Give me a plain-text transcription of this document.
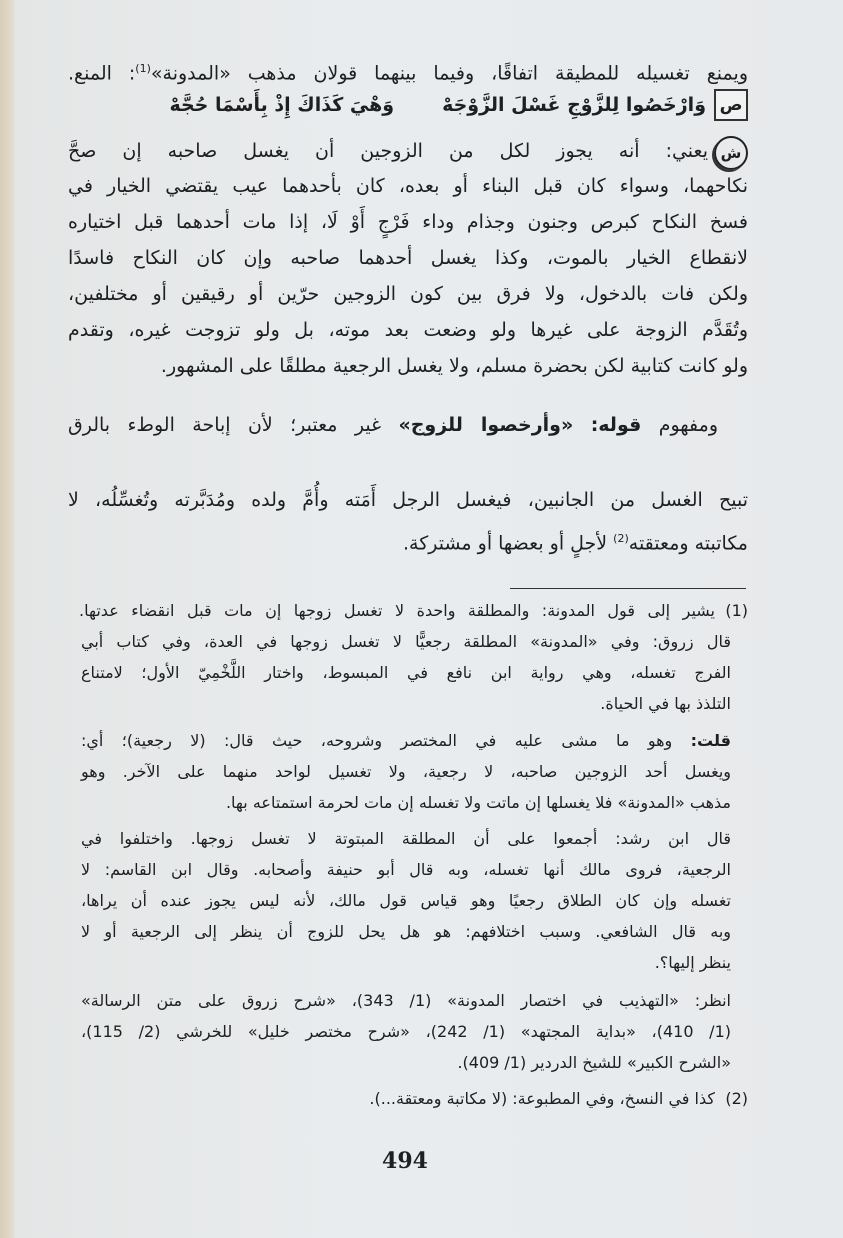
ويمنع تغسيله للمطيقة اتفاقًا، وفيما بينهما قولان مذهب «المدونة»$^{(1)}$: المنع.
ص
وَارْخَصُوا لِلزَّوْجِ غَسْلَ الزَّوْجَهْ
وَهْيَ كَذَاكَ إِذْ بِأَسْمَا حُجَّهْ
ش
يعني: أنه يجوز لكل من الزوجين أن يغسل صاحبه إن صحَّ
نكاحهما، وسواء كان قبل البناء أو بعده، كان بأحدهما عيب يقتضي الخيار في
فسخ النكاح كبرص وجنون وجذام وداء فَرْجٍ أَوْ لَا، إذا مات أحدهما قبل اختياره
لانقطاع الخيار بالموت، وكذا يغسل أحدهما صاحبه وإن كان النكاح فاسدًا
ولكن فات بالدخول، ولا فرق بين كون الزوجين حرّين أو رقيقين أو مختلفين،
وتُقَدَّم الزوجة على غيرها ولو وضعت بعد موته، بل ولو تزوجت غيره، وتقدم
ولو كانت كتابية لكن بحضرة مسلم، ولا يغسل الرجعية مطلقًا على المشهور.
ومفهوم قوله: «وأرخصوا للزوج» غير معتبر؛ لأن إباحة الوطء بالرق
تبيح الغسل من الجانبين، فيغسل الرجل أَمَته وأُمَّ ولده ومُدَبَّرته وتُغسِّلُه، لا
مكاتبته ومعتقته$^{(2)}$ لأجلٍ أو بعضها أو مشتركة.
(1)
يشير إلى قول المدونة: والمطلقة واحدة لا تغسل زوجها إن مات قبل انقضاء عدتها.
قال زروق: وفي «المدونة» المطلقة رجعيًّا لا تغسل زوجها في العدة، وفي كتاب أبي
الفرج تغسله، وهي رواية ابن نافع في المبسوط، واختار اللَّخْمِيّ الأول؛ لامتناع
التلذذ بها في الحياة.
قلت: وهو ما مشى عليه في المختصر وشروحه، حيث قال: (لا رجعية)؛ أي:
ويغسل أحد الزوجين صاحبه، لا رجعية، ولا تغسيل لواحد منهما على الآخر. وهو
مذهب «المدونة» فلا يغسلها إن ماتت ولا تغسله إن مات لحرمة استمتاعه بها.
قال ابن رشد: أجمعوا على أن المطلقة المبتوتة لا تغسل زوجها. واختلفوا في
الرجعية، فروى مالك أنها تغسله، وبه قال أبو حنيفة وأصحابه. وقال ابن القاسم: لا
تغسله وإن كان الطلاق رجعيًا وهو قياس قول مالك، لأنه ليس يجوز عنده أن يراها،
وبه قال الشافعي. وسبب اختلافهم: هو هل يحل للزوج أن ينظر إلى الرجعية أو لا
ينظر إليها؟.
انظر: «التهذيب في اختصار المدونة» (1/ 343)، «شرح زروق على متن الرسالة»
(1/ 410)، «بداية المجتهد» (1/ 242)، «شرح مختصر خليل» للخرشي (2/ 115)،
«الشرح الكبير» للشيخ الدردير (1/ 409).
(2)
كذا في النسخ، وفي المطبوعة: (لا مكاتبة ومعتقة...).
494
